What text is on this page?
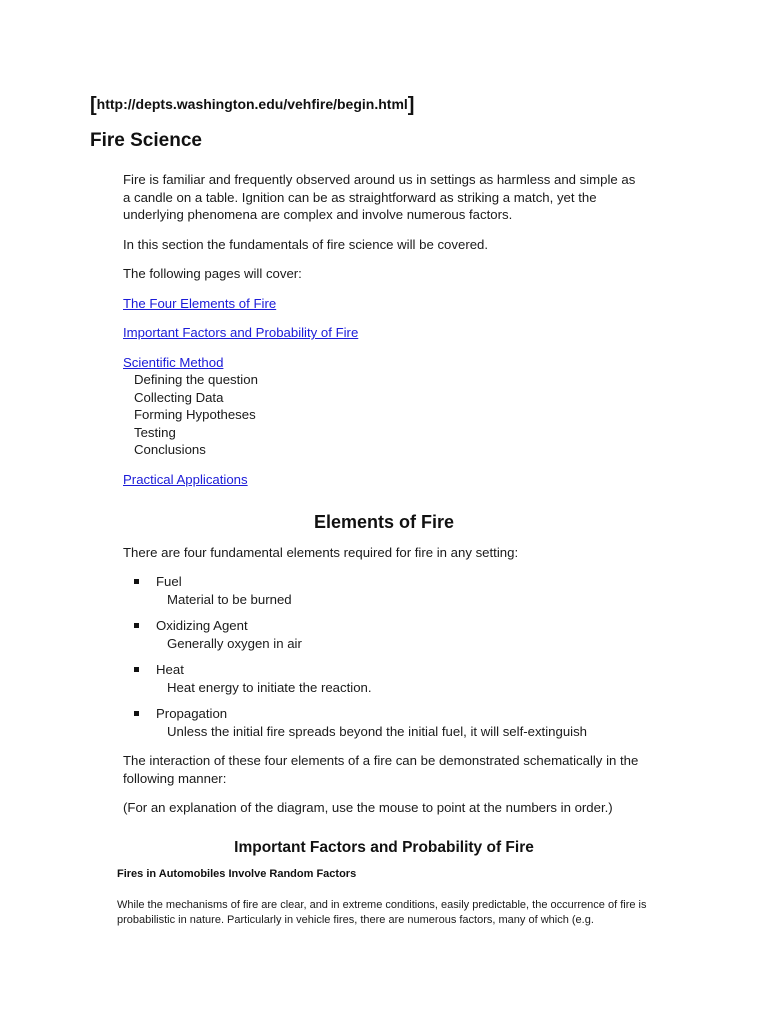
[http://depts.washington.edu/vehfire/begin.html]
Fire Science

Fire is familiar and frequently observed around us in settings as harmless and simple as a candle on a table. Ignition can be as straightforward as striking a match, yet the underlying phenomena are complex and involve numerous factors.

In this section the fundamentals of fire science will be covered.

The following pages will cover:

The Four Elements of Fire

Important Factors and Probability of Fire

Scientific Method

Defining the question
Collecting Data
Forming Hypotheses
Testing
Conclusions

Practical Applications

Elements of Fire

There are four fundamental elements required for fire in any setting:

Fuel
Material to be burned
Oxidizing Agent
Generally oxygen in air
Heat
Heat energy to initiate the reaction.
Propagation
Unless the initial fire spreads beyond the initial fuel, it will self-extinguish

The interaction of these four elements of a fire can be demonstrated schematically in the following manner:

(For an explanation of the diagram, use the mouse to point at the numbers in order.)

Important Factors and Probability of Fire
Fires in Automobiles Involve Random Factors
While the mechanisms of fire are clear, and in extreme conditions, easily predictable, the occurrence of fire is probabilistic in nature. Particularly in vehicle fires, there are numerous factors, many of which (e.g.
